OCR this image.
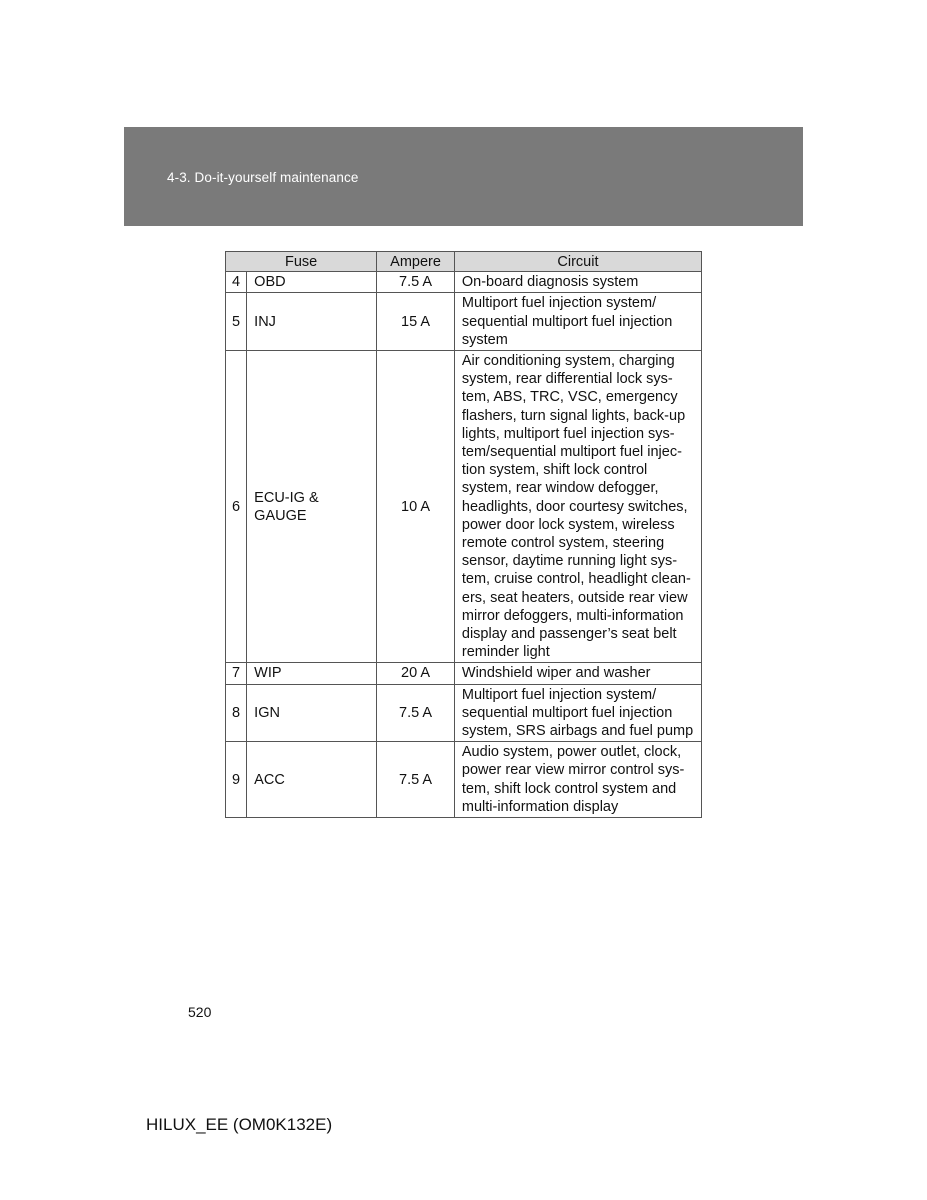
4-3. Do-it-yourself maintenance
Fuse		Ampere	Circuit
4	OBD	7.5 A	On-board diagnosis system
5	INJ	15 A	Multiport fuel injection system/ sequential multiport fuel injection system
6	ECU-IG & GAUGE	10 A	Air conditioning system, charging system, rear differential lock sys-tem, ABS, TRC, VSC, emergency flashers, turn signal lights, back-up lights, multiport fuel injection sys-tem/sequential multiport fuel injec-tion system, shift lock control system, rear window defogger, headlights, door courtesy switches, power door lock system, wireless remote control system, steering sensor, daytime running light sys-tem, cruise control, headlight clean-ers, seat heaters, outside rear view mirror defoggers, multi-information display and passenger’s seat belt reminder light
7	WIP	20 A	Windshield wiper and washer
8	IGN	7.5 A	Multiport fuel injection system/ sequential multiport fuel injection system, SRS airbags and fuel pump
9	ACC	7.5 A	Audio system, power outlet, clock, power rear view mirror control sys-tem, shift lock control system and multi-information display
520
HILUX_EE (OM0K132E)
